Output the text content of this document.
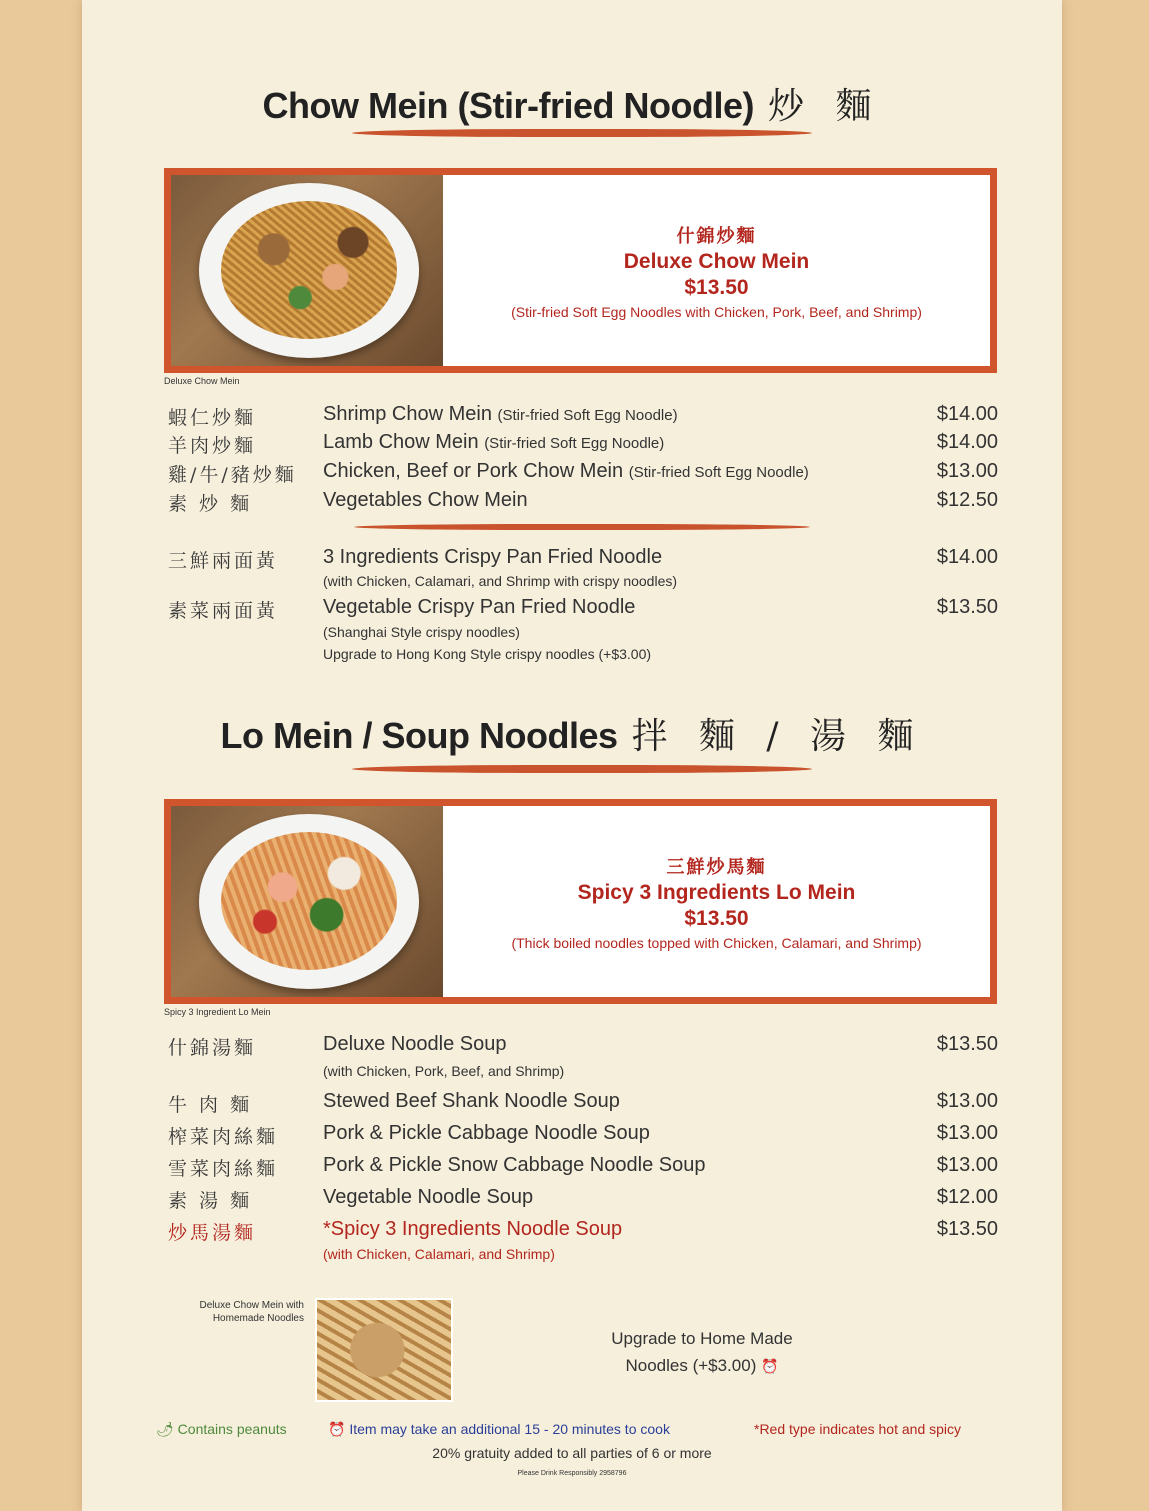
Chow Mein (Stir-fried Noodle) 炒 麵
什錦炒麵
Deluxe Chow Mein
$13.50
(Stir-fried Soft Egg Noodles with Chicken, Pork, Beef, and Shrimp)
Deluxe Chow Mein
蝦仁炒麵	Shrimp Chow Mein (Stir-fried Soft Egg Noodle)	$14.00
羊肉炒麵	Lamb Chow Mein (Stir-fried Soft Egg Noodle)	$14.00
雞/牛/豬炒麵 Chicken, Beef or Pork Chow Mein (Stir-fried Soft Egg Noodle)	$13.00
素 炒 麵	Vegetables Chow Mein	$12.50
三鮮兩面黃 3 Ingredients Crispy Pan Fried Noodle
(with Chicken, Calamari, and Shrimp with crispy noodles)
$14.00
素菜兩面黃 Vegetable Crispy Pan Fried Noodle
(Shanghai Style crispy noodles)
Upgrade to Hong Kong Style crispy noodles (+$3.00)
$13.50
Lo Mein / Soup Noodles 拌 麵 / 湯 麵
三鮮炒馬麵
Spicy 3 Ingredients Lo Mein
$13.50
(Thick boiled noodles topped with Chicken, Calamari, and Shrimp)
Spicy 3 Ingredient Lo Mein
什錦湯麵	Deluxe Noodle Soup
(with Chicken, Pork, Beef, and Shrimp)
$13.50
牛 肉 麵	Stewed Beef Shank Noodle Soup	$13.00
榨菜肉絲麵 Pork & Pickle Cabbage Noodle Soup	$13.00
雪菜肉絲麵 Pork & Pickle Snow Cabbage Noodle Soup	$13.00
素 湯 麵	Vegetable Noodle Soup	$12.00
炒馬湯麵	*Spicy 3 Ingredients Noodle Soup
(with Chicken, Calamari, and Shrimp)
$13.50
Deluxe Chow Mein with Homemade Noodles
Upgrade to Home Made
Noodles (+$3.00) ⏰
🌶︎ Contains peanuts	⏰ Item may take an additional 15 - 20 minutes to cook	*Red type indicates hot and spicy
20% gratuity added to all parties of 6 or more
Please Drink Responsibly 2958796
